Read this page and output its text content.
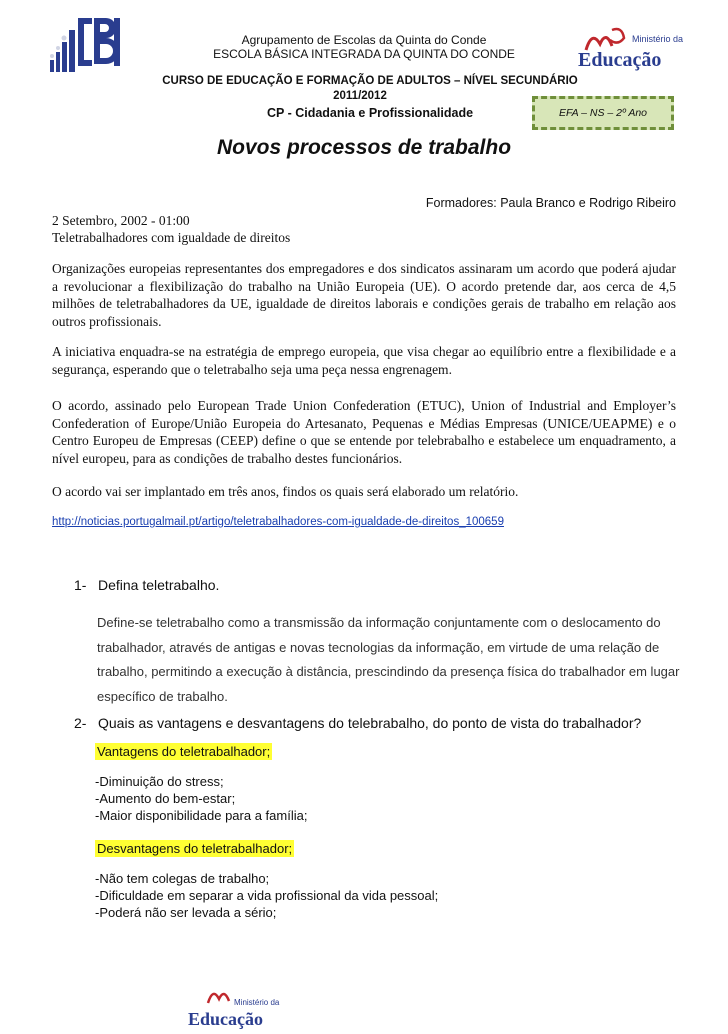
Agrupamento de Escolas da Quinta do Conde
ESCOLA BÁSICA INTEGRADA DA QUINTA DO CONDE
Ministério da
Educação
CURSO DE EDUCAÇÃO E FORMAÇÃO DE ADULTOS – NÍVEL SECUNDÁRIO
2011/2012
CP - Cidadania e Profissionalidade	EFA – NS – 2º Ano
Novos processos de trabalho
Formadores: Paula Branco e Rodrigo Ribeiro
2 Setembro, 2002 - 01:00
Teletrabalhadores com igualdade de direitos
Organizações europeias representantes dos empregadores e dos sindicatos assinaram um acordo que poderá ajudar a revolucionar a flexibilização do trabalho na União Europeia (UE). O acordo pretende dar, aos cerca de 4,5 milhões de teletrabalhadores da UE, igualdade de direitos laborais e condições gerais de trabalho em relação aos outros profissionais.
A iniciativa enquadra-se na estratégia de emprego europeia, que visa chegar ao equilíbrio entre a flexibilidade e a segurança, esperando que o teletrabalho seja uma peça nessa engrenagem.
O acordo, assinado pelo European Trade Union Confederation (ETUC), Union of Industrial and Employer’s Confederation of Europe/União Europeia do Artesanato, Pequenas e Médias Empresas (UNICE/UEAPME) e o Centro Europeu de Empresas (CEEP) define o que se entende por telebrabalho e estabelece um enquadramento, a nível europeu, para as condições de trabalho destes funcionários.
O acordo vai ser implantado em três anos, findos os quais será elaborado um relatório.
http://noticias.portugalmail.pt/artigo/teletrabalhadores-com-igualdade-de-direitos_100659
1- Defina teletrabalho.
Define-se teletrabalho como a transmissão da informação conjuntamente com o deslocamento do trabalhador, através de antigas e novas tecnologias da informação, em virtude de uma relação de trabalho, permitindo a execução à distância, prescindindo da presença física do trabalhador em lugar específico de trabalho.
2- Quais as vantagens e desvantagens do telebrabalho, do ponto de vista do trabalhador?
Vantagens do teletrabalhador;
-Diminuição do stress;
-Aumento do bem-estar;
-Maior disponibilidade para a família;
Desvantagens do teletrabalhador;
-Não tem colegas de trabalho;
-Dificuldade em separar a vida profissional da vida pessoal;
-Poderá não ser levada a sério;
Ministério da
Educação
